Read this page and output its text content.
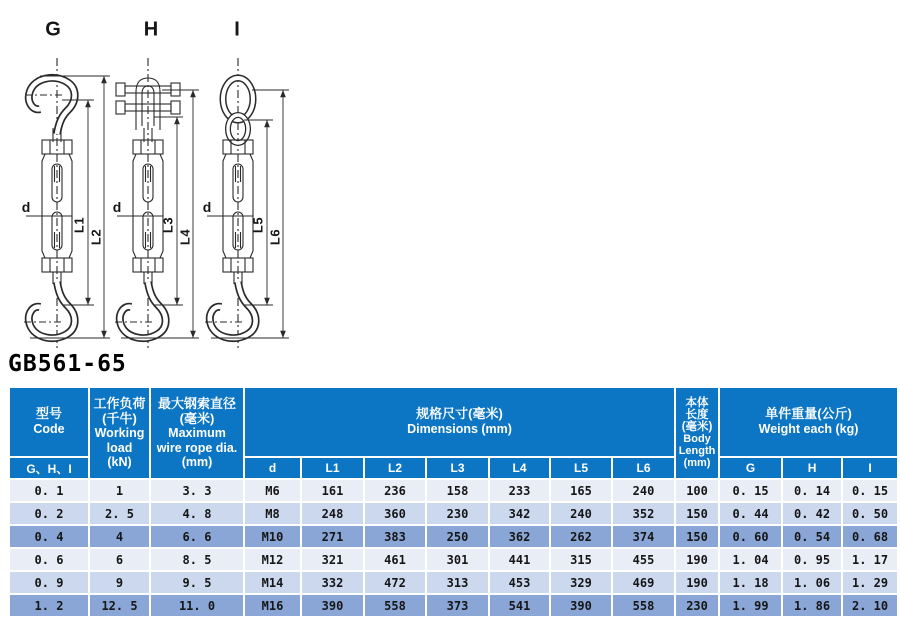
G	H	I
L1
L2
L3
L4
L5
L6
d	d	d
GB561-65
型号
Code

工作负荷
(千牛)
Working
load
(kN)

最大钢索直径
(毫米)
Maximum
wire rope dia.
(mm)

规格尺寸(毫米)
Dimensions (mm)

本体
长度
(毫米)
Body
Length
(mm)

单件重量(公斤)
Weight each (kg)

G、H、I			d	L1	L2	L3	L4	L5	L6		G	H	I
0. 1	1	3. 3	M6	161	236	158	233	165	240	100	0. 15	0. 14	0. 15
0. 2	2. 5	4. 8	M8	248	360	230	342	240	352	150	0. 44	0. 42	0. 50
0. 4	4	6. 6	M10	271	383	250	362	262	374	150	0. 60	0. 54	0. 68
0. 6	6	8. 5	M12	321	461	301	441	315	455	190	1. 04	0. 95	1. 17
0. 9	9	9. 5	M14	332	472	313	453	329	469	190	1. 18	1. 06	1. 29
1. 2	12. 5	11. 0	M16	390	558	373	541	390	558	230	1. 99	1. 86	2. 10
